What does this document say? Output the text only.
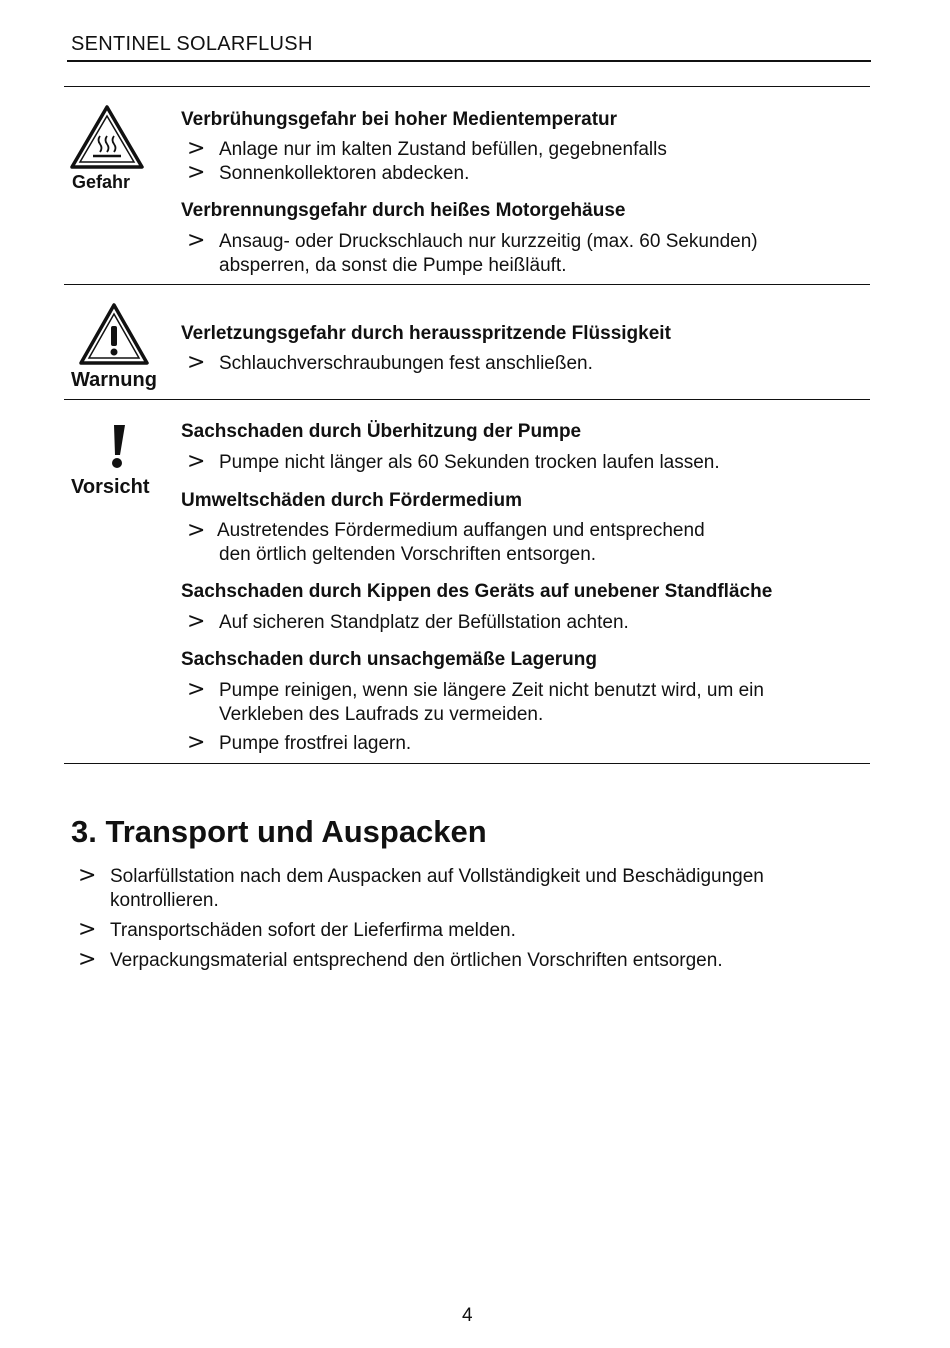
SENTINEL SOLARFLUSH
Gefahr
Warnung
Vorsicht
Verbrühungsgefahr bei hoher Medientemperatur
> Anlage nur im kalten Zustand befüllen, gegebnenfalls
> Sonnenkollektoren abdecken.
Verbrennungsgefahr durch heißes Motorgehäuse
> Ansaug- oder Druckschlauch nur kurzzeitig (max. 60 Sekunden)
absperren, da sonst die Pumpe heißläuft.
Verletzungsgefahr durch herausspritzende Flüssigkeit
> Schlauchverschraubungen fest anschließen.
Sachschaden durch Überhitzung der Pumpe
> Pumpe nicht länger als 60 Sekunden trocken laufen lassen.
Umweltschäden durch Fördermedium
> Austretendes Fördermedium auffangen und entsprechend
den örtlich geltenden Vorschriften entsorgen.
Sachschaden durch Kippen des Geräts auf unebener Standfläche
> Auf sicheren Standplatz der Befüllstation achten.
Sachschaden durch unsachgemäße Lagerung
> Pumpe reinigen, wenn sie längere Zeit nicht benutzt wird, um ein
Verkleben des Laufrads zu vermeiden.
> Pumpe frostfrei lagern.
3. Transport und Auspacken
> Solarfüllstation nach dem Auspacken auf Vollständigkeit und Beschädigungen
kontrollieren.
> Transportschäden sofort der Lieferfirma melden.
> Verpackungsmaterial entsprechend den örtlichen Vorschriften entsorgen.
4
